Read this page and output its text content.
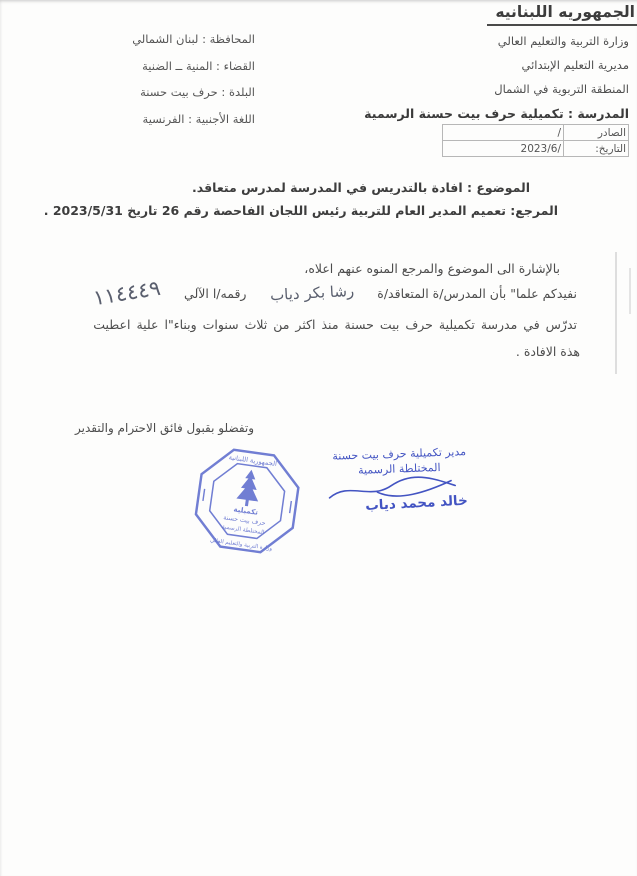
الجمهوريه اللبنانيه
وزارة التربية والتعليم العالي
مديرية التعليم الإبتدائي
المنطقة التربوية في الشمال
المدرسة : تكميلية حرف بيت حسنة الرسمية
المحافظة : لبنان الشمالي
القضاء : المنية ــ الضنية
البلدة : حرف بيت حسنة
اللغة الأجنبية : الفرنسية
الصادر	/
التاريخ:	2023/6/
الموضوع : افادة بالتدريس في المدرسة لمدرس متعاقد.
المرجع: تعميم المدير العام للتربية رئيس اللجان الفاحصة رقم 26 تاريخ 2023/5/31 .
بالإشارة الى الموضوع والمرجع المنوه عنهم اعلاه،
نفيدكم علما" بأن المدرس/ة المتعاقد/ة
رشا بكر دياب
رقمه/ا الآلي
١١٤٤٤٩
تدرّس في مدرسة تكميلية حرف بيت حسنة منذ اكثر من ثلاث سنوات وبناء"ا علية اعطيت
هذة الافادة .
وتفضلو بقبول فائق الاحترام والتقدير
الجمهورية اللبنانية
وزارة التربية والتعليم العالي
تكميلية
حرف بيت حسنة
المختلطة الرسمية
مدير تكميلية حرف بيت حسنة
المختلطة الرسمية
خالد محمد دياب
